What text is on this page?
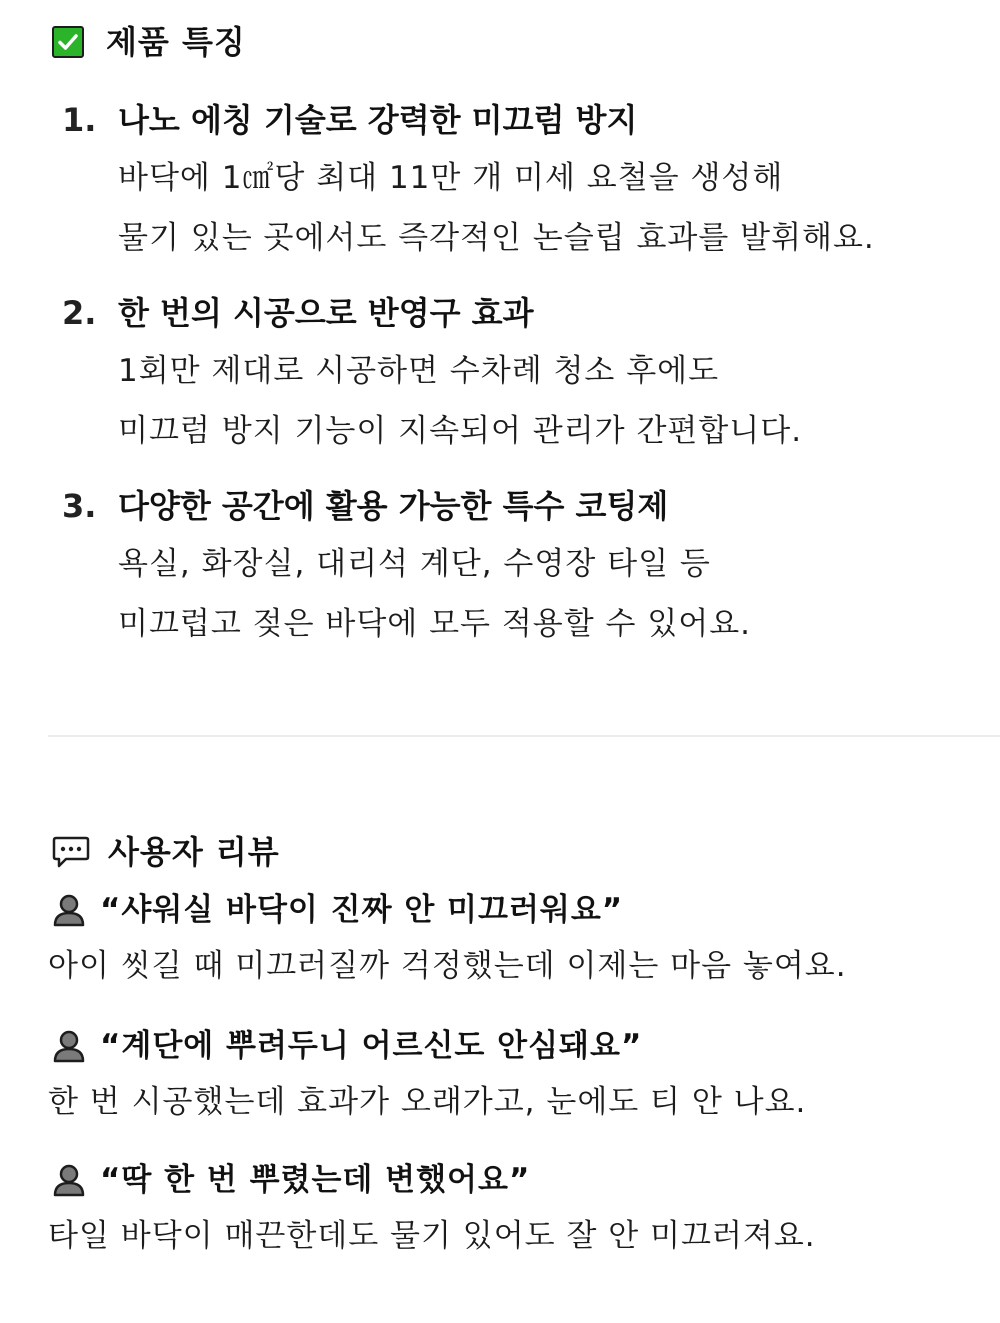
제품 특징
1. 나노 에칭 기술로 강력한 미끄럼 방지
바닥에 1㎠당 최대 11만 개 미세 요철을 생성해
물기 있는 곳에서도 즉각적인 논슬립 효과를 발휘해요.
2. 한 번의 시공으로 반영구 효과
1회만 제대로 시공하면 수차례 청소 후에도
미끄럼 방지 기능이 지속되어 관리가 간편합니다.
3. 다양한 공간에 활용 가능한 특수 코팅제
욕실, 화장실, 대리석 계단, 수영장 타일 등
미끄럽고 젖은 바닥에 모두 적용할 수 있어요.
사용자 리뷰
“샤워실 바닥이 진짜 안 미끄러워요”
아이 씻길 때 미끄러질까 걱정했는데 이제는 마음 놓여요.
“계단에 뿌려두니 어르신도 안심돼요”
한 번 시공했는데 효과가 오래가고, 눈에도 티 안 나요.
“딱 한 번 뿌렸는데 변했어요”
타일 바닥이 매끈한데도 물기 있어도 잘 안 미끄러져요.
